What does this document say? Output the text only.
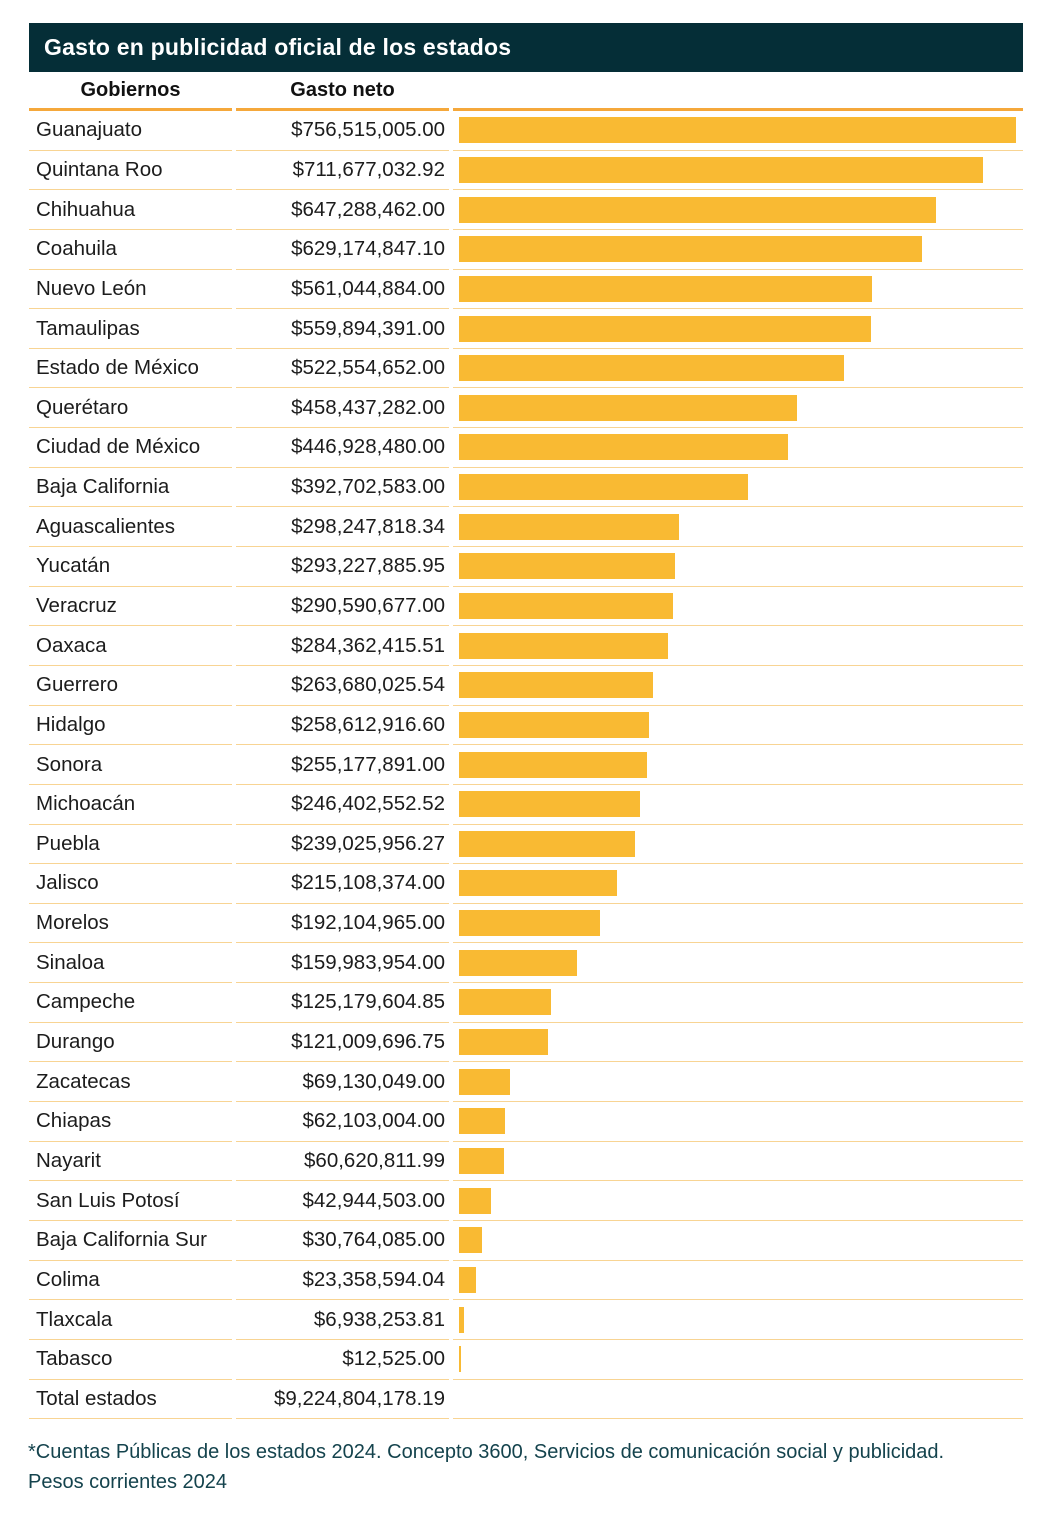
Gasto en publicidad oficial de los estados
Gobiernos	Gasto neto
Guanajuato	$756,515,005.00
Quintana Roo	$711,677,032.92
Chihuahua	$647,288,462.00
Coahuila	$629,174,847.10
Nuevo León	$561,044,884.00
Tamaulipas	$559,894,391.00
Estado de México	$522,554,652.00
Querétaro	$458,437,282.00
Ciudad de México	$446,928,480.00
Baja California	$392,702,583.00
Aguascalientes	$298,247,818.34
Yucatán	$293,227,885.95
Veracruz	$290,590,677.00
Oaxaca	$284,362,415.51
Guerrero	$263,680,025.54
Hidalgo	$258,612,916.60
Sonora	$255,177,891.00
Michoacán	$246,402,552.52
Puebla	$239,025,956.27
Jalisco	$215,108,374.00
Morelos	$192,104,965.00
Sinaloa	$159,983,954.00
Campeche	$125,179,604.85
Durango	$121,009,696.75
Zacatecas	$69,130,049.00
Chiapas	$62,103,004.00
Nayarit	$60,620,811.99
San Luis Potosí	$42,944,503.00
Baja California Sur	$30,764,085.00
Colima	$23,358,594.04
Tlaxcala	$6,938,253.81
Tabasco	$12,525.00
Total estados	$9,224,804,178.19
*Cuentas Públicas de los estados 2024. Concepto 3600, Servicios de comunicación social y publicidad.
Pesos corrientes 2024
